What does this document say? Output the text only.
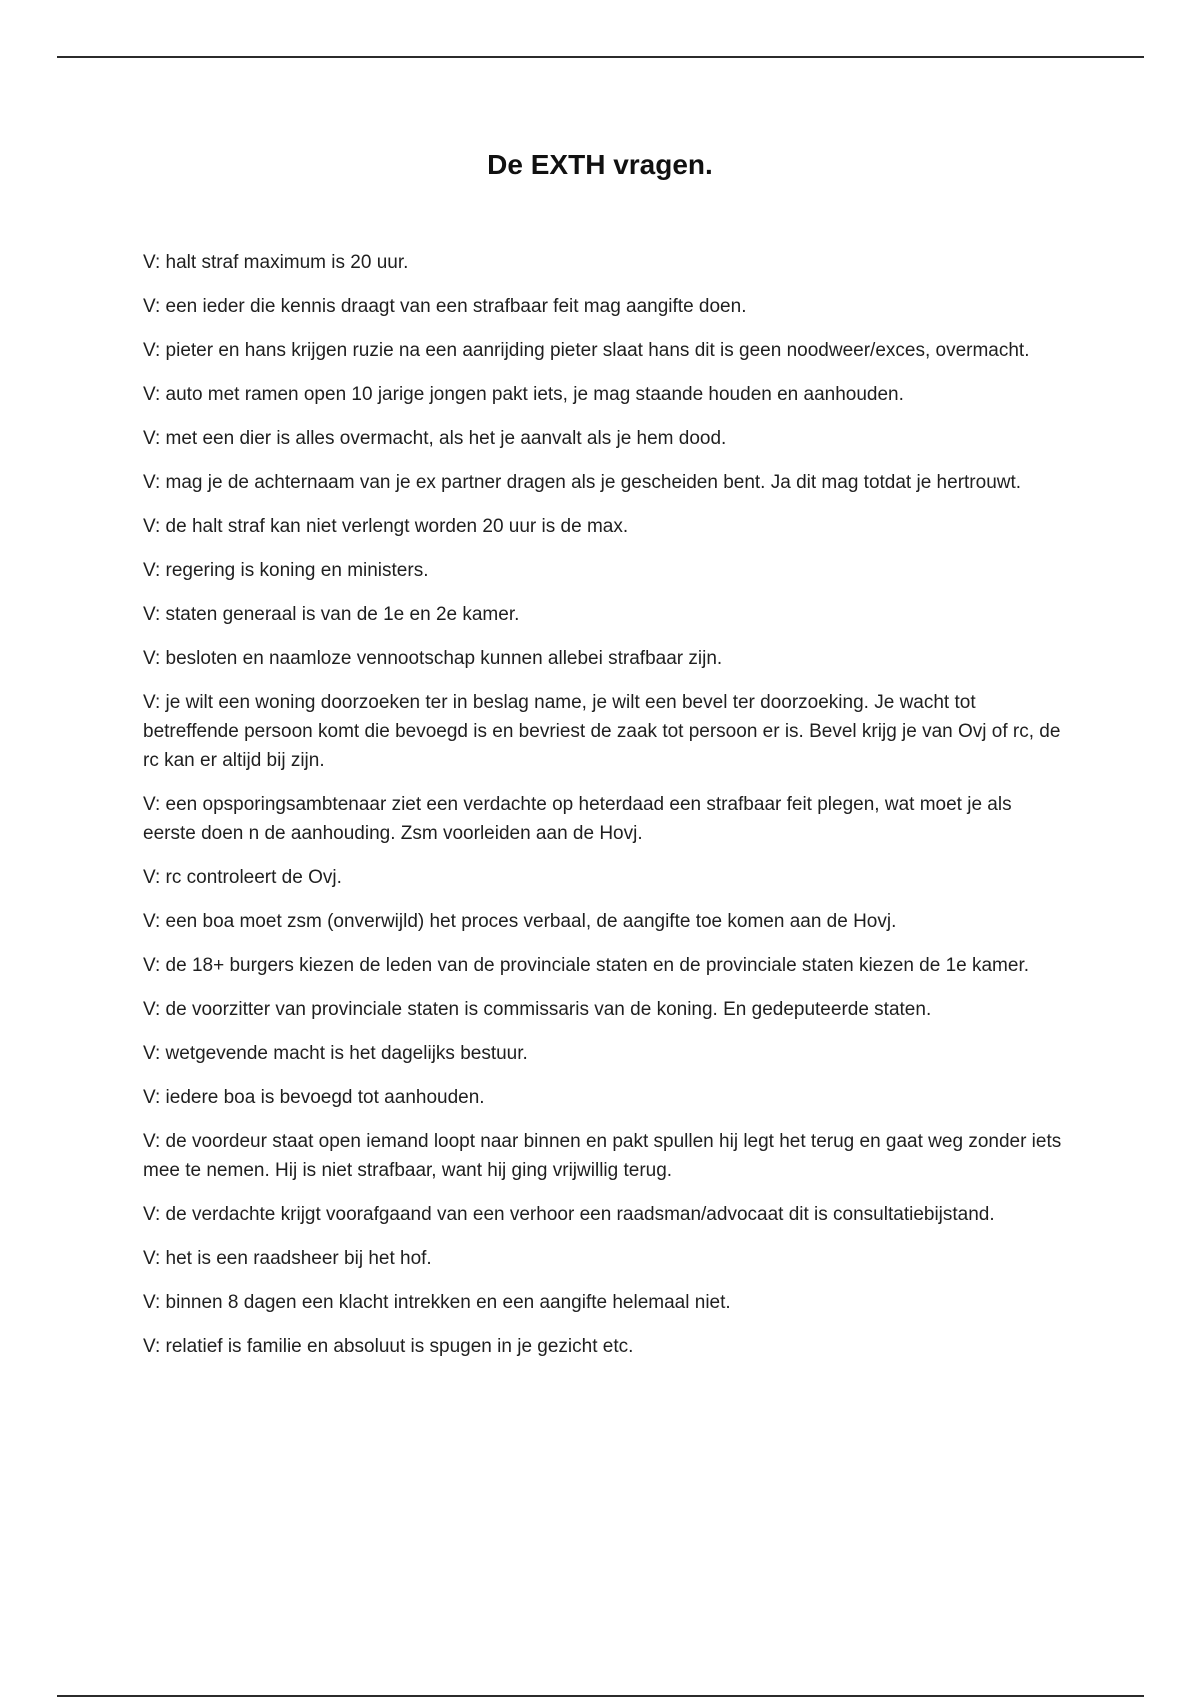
De EXTH vragen.
V: halt straf maximum is 20 uur.
V: een ieder die kennis draagt van een strafbaar feit mag aangifte doen.
V: pieter en hans krijgen ruzie na een aanrijding pieter slaat hans dit is geen noodweer/exces, overmacht.
V: auto met ramen open 10 jarige jongen pakt iets, je mag staande houden en aanhouden.
V: met een dier is alles overmacht, als het je aanvalt als je hem dood.
V: mag je de achternaam van je ex partner dragen als je gescheiden bent. Ja dit mag totdat je hertrouwt.
V: de halt straf kan niet verlengt worden 20 uur is de max.
V: regering is koning en ministers.
V: staten generaal is van de 1e en 2e kamer.
V: besloten en naamloze vennootschap kunnen allebei strafbaar zijn.
V: je wilt een woning doorzoeken ter in beslag name, je wilt een bevel ter doorzoeking. Je wacht tot betreffende persoon komt die bevoegd is en bevriest de zaak tot persoon er is. Bevel krijg je van Ovj of rc, de rc kan er altijd bij zijn.
V: een opsporingsambtenaar ziet een verdachte op heterdaad een strafbaar feit plegen, wat moet je als eerste doen n de aanhouding. Zsm voorleiden aan de Hovj.
V: rc controleert de Ovj.
V: een boa moet zsm (onverwijld) het proces verbaal, de aangifte toe komen aan de Hovj.
V: de 18+ burgers kiezen de leden van de provinciale staten en de provinciale staten kiezen de 1e kamer.
V: de voorzitter van provinciale staten is commissaris van de koning. En gedeputeerde staten.
V: wetgevende macht is het dagelijks bestuur.
V: iedere boa is bevoegd tot aanhouden.
V: de voordeur staat open iemand loopt naar binnen en pakt spullen hij legt het terug en gaat weg zonder iets mee te nemen. Hij is niet strafbaar, want hij ging vrijwillig terug.
V: de verdachte krijgt voorafgaand van een verhoor een raadsman/advocaat dit is consultatiebijstand.
V: het is een raadsheer bij het hof.
V: binnen 8 dagen een klacht intrekken en een aangifte helemaal niet.
V: relatief is familie en absoluut is spugen in je gezicht etc.
